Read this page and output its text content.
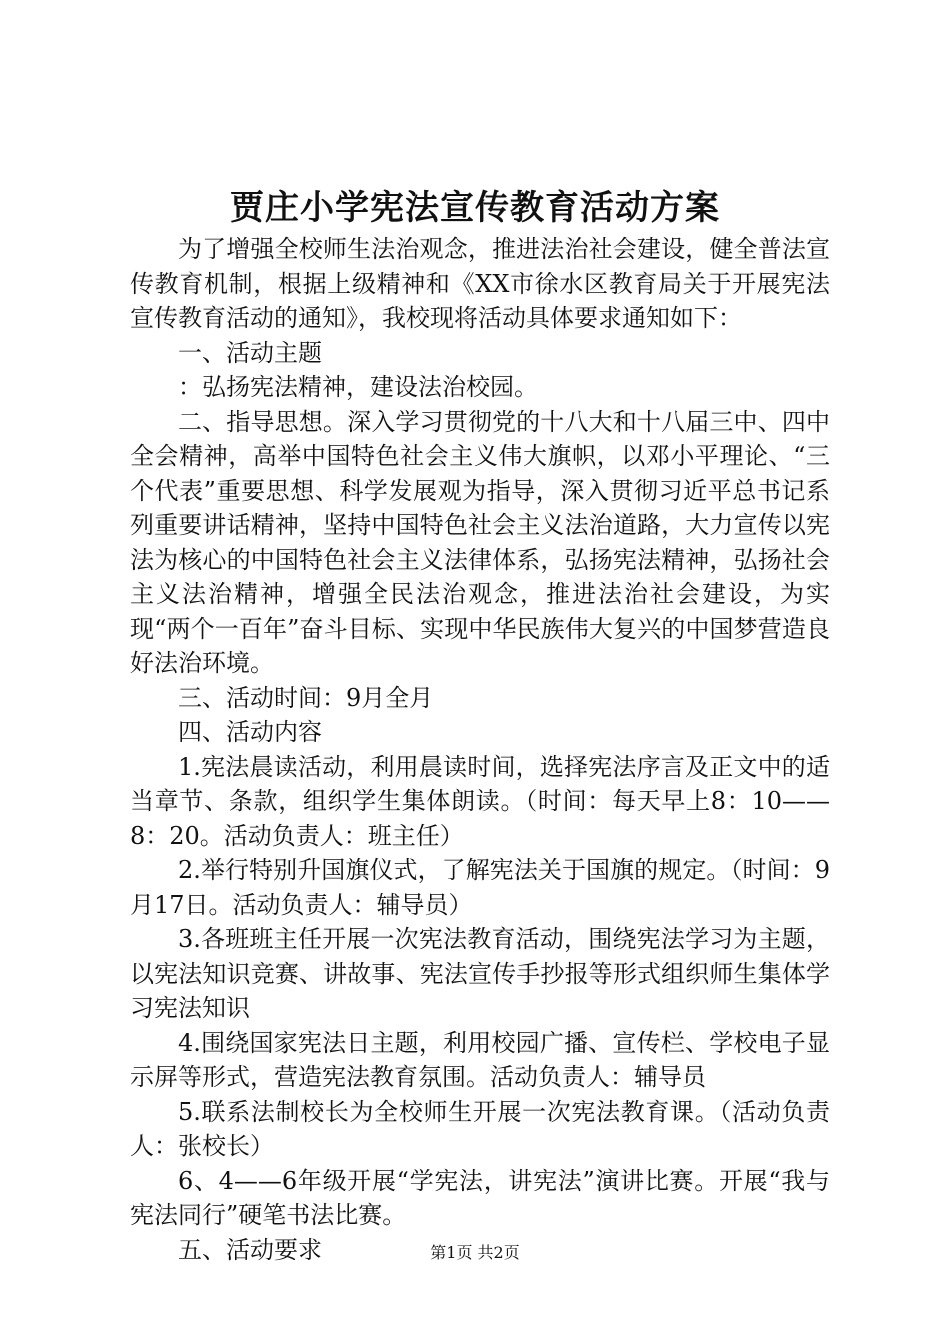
贾庄小学宪法宣传教育活动方案

为了增强全校师生法治观念，推进法治社会建设，健全普法宣传教育机制，根据上级精神和《XX市徐水区教育局关于开展宪法宣传教育活动的通知》，我校现将活动具体要求通知如下：

一、活动主题

：弘扬宪法精神，建设法治校园。

二、指导思想。深入学习贯彻党的十八大和十八届三中、四中全会精神，高举中国特色社会主义伟大旗帜，以邓小平理论、“三个代表”重要思想、科学发展观为指导，深入贯彻习近平总书记系列重要讲话精神，坚持中国特色社会主义法治道路，大力宣传以宪法为核心的中国特色社会主义法律体系，弘扬宪法精神，弘扬社会主义法治精神，增强全民法治观念，推进法治社会建设，为实现“两个一百年”奋斗目标、实现中华民族伟大复兴的中国梦营造良好法治环境。

三、活动时间：9月全月

四、活动内容

1.宪法晨读活动，利用晨读时间，选择宪法序言及正文中的适当章节、条款，组织学生集体朗读。（时间：每天早上8：10——8：20。活动负责人：班主任）

2.举行特别升国旗仪式，了解宪法关于国旗的规定。（时间：9月17日。活动负责人：辅导员）

3.各班班主任开展一次宪法教育活动，围绕宪法学习为主题，以宪法知识竞赛、讲故事、宪法宣传手抄报等形式组织师生集体学习宪法知识

4.围绕国家宪法日主题，利用校园广播、宣传栏、学校电子显示屏等形式，营造宪法教育氛围。活动负责人：辅导员

5.联系法制校长为全校师生开展一次宪法教育课。（活动负责人：张校长）

6、4——6年级开展“学宪法，讲宪法”演讲比赛。开展“我与宪法同行”硬笔书法比赛。

五、活动要求	第1页 共2页
